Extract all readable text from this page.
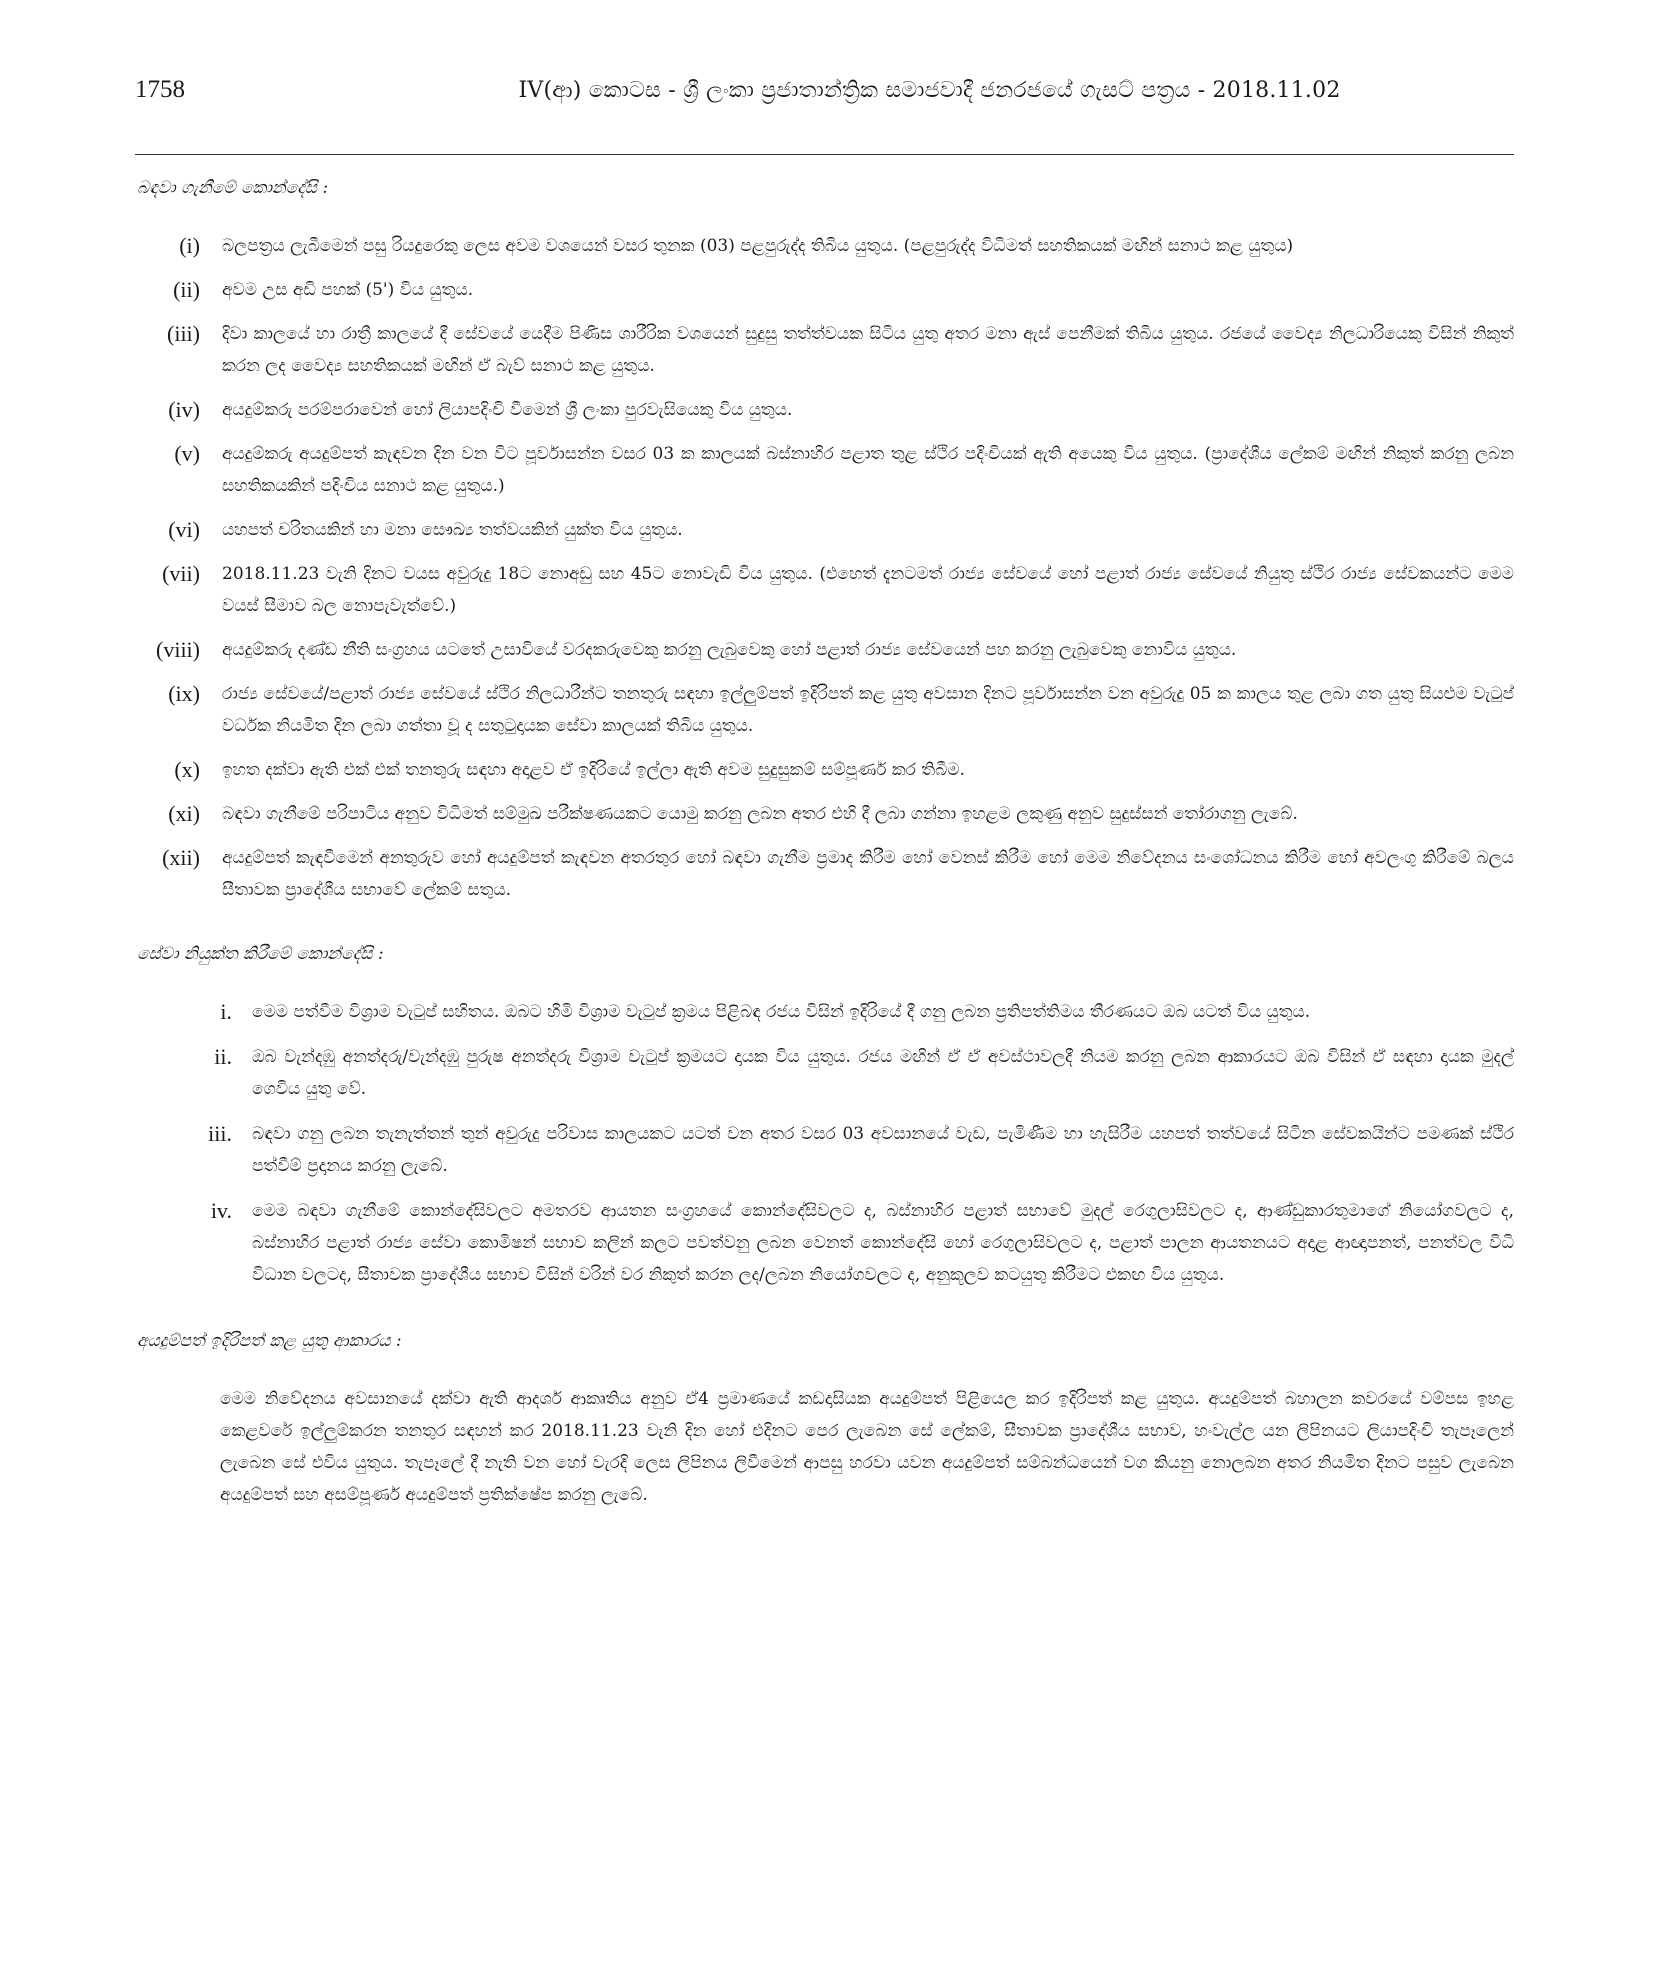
1758	IV(ආ) කොටස - ශ්‍රී ලංකා ප්‍රජාතාන්ත්‍රික සමාජවාදී ජනරජයේ ගැසට් පත්‍රය - 2018.11.02
බඳවා ගැනීමේ කොන්දේසි :
(i)	බලපත්‍රය ලැබීමෙන් පසු රියදුරෙකු ලෙස අවම වශයෙන් වසර තුනක (03) පළපුරුද්ද තිබිය යුතුය. (පළපුරුද්ද විධිමත් සහතිකයක් මඟින් සනාථ කළ යුතුය)
(ii)	අවම උස අඩි පහක් (5') විය යුතුය.
(iii)	දිවා කාලයේ හා රාත්‍රී කාලයේ දී සේවයේ යෙදීම පිණිස ශාරීරික වශයෙන් සුදුසු තත්ත්වයක සිටිය යුතු අතර මනා ඇස් පෙනීමක් තිබිය යුතුය. රජයේ වෛද්‍ය නිලධාරියෙකු විසින් නිකුත් කරන ලද වෛද්‍ය සහතිකයක් මඟින් ඒ බැව් සනාථ කළ යුතුය.
(iv)	අයදුම්කරු පරම්පරාවෙන් හෝ ලියාපදිංචි වීමෙන් ශ්‍රී ලංකා පුරවැසියෙකු විය යුතුය.
(v)	අයදුම්කරු අයදුම්පත් කැඳවන දින වන විට පූර්වාසන්න වසර 03 ක කාලයක් බස්නාහිර පළාත තුළ ස්ථිර පදිංචියක් ඇති අයෙකු විය යුතුය. (ප්‍රාදේශීය ලේකම් මඟින් නිකුත් කරනු ලබන සහතිකයකින් පදිංචිය සනාථ කළ යුතුය.)
(vi)	යහපත් චරිතයකින් හා මනා සෞඛ්‍ය තත්වයකින් යුක්ත විය යුතුය.
(vii)	2018.11.23 වැනි දිනට වයස අවුරුදු 18ට නොඅඩු සහ 45ට නොවැඩි විය යුතුය. (එහෙත් දැනටමත් රාජ්‍ය සේවයේ හෝ පළාත් රාජ්‍ය සේවයේ නියුතු ස්ථිර රාජ්‍ය සේවකයන්ට මෙම වයස් සීමාව බල නොපැවැත්වේ.)
(viii)	අයදුම්කරු දණ්ඩ නීති සංග්‍රහය යටතේ උසාවියේ වරදකරුවෙකු කරනු ලැබුවෙකු හෝ පළාත් රාජ්‍ය සේවයෙන් පහ කරනු ලැබුවෙකු නොවිය යුතුය.
(ix)	රාජ්‍ය සේවයේ/පළාත් රාජ්‍ය සේවයේ ස්ථිර නිලධාරීන්ට තනතුරු සඳහා ඉල්ලුම්පත් ඉදිරිපත් කළ යුතු අවසාන දිනට පූර්වාසන්න වන අවුරුදු 05 ක කාලය තුළ ලබා ගත යුතු සියළුම වැටුප් වර්ධක නියමිත දින ලබා ගත්තා වූ ද සතුටුදායක සේවා කාලයක් තිබිය යුතුය.
(x)	ඉහත දක්වා ඇති එක් එක් තනතුරු සඳහා අදාළව ඒ ඉදිරියේ ඉල්ලා ඇති අවම සුදුසුකම් සම්පූර්ණ කර තිබීම.
(xi)	බඳවා ගැනීමේ පරිපාටිය අනුව විධිමත් සම්මුඛ පරීක්ෂණයකට යොමු කරනු ලබන අතර එහි දී ලබා ගන්නා ඉහළම ලකුණු අනුව සුදුස්සන් තෝරාගනු ලැබේ.
(xii)	අයදුම්පත් කැඳවීමෙන් අනතුරුව හෝ අයදුම්පත් කැඳවන අතරතුර හෝ බඳවා ගැනීම ප්‍රමාද කිරීම හෝ වෙනස් කිරීම හෝ මෙම නිවේදනය සංශෝධනය කිරීම හෝ අවලංගු කිරීමේ බලය සීතාවක ප්‍රාදේශීය සභාවේ ලේකම් සතුය.
සේවා නියුක්ත කිරීමේ කොන්දේසි :
i.	මෙම පත්වීම විශ්‍රාම වැටුප් සහිතය. ඔබට හිමි විශ්‍රාම වැටුප් ක්‍රමය පිළිබඳ රජය විසින් ඉදිරියේ දී ගනු ලබන ප්‍රතිපත්තිමය තීරණයට ඔබ යටත් විය යුතුය.
ii.	ඔබ වැන්දඹු අනත්දරු/වැන්දඹු පුරුෂ අනත්දරු විශ්‍රාම වැටුප් ක්‍රමයට දායක විය යුතුය. රජය මඟින් ඒ ඒ අවස්ථාවලදී නියම කරනු ලබන ආකාරයට ඔබ විසින් ඒ සඳහා දායක මුදල් ගෙවිය යුතු වේ.
iii.	බඳවා ගනු ලබන තැනැත්තන් තුන් අවුරුදු පරිවාස කාලයකට යටත් වන අතර වසර 03 අවසානයේ වැඩ, පැමිණීම හා හැසිරීම යහපත් තත්වයේ සිටින සේවකයින්ට පමණක් ස්ථිර පත්වීම් ප්‍රදානය කරනු ලැබේ.
iv.	මෙම බඳවා ගැනීමේ කොන්දේසිවලට අමතරව ආයතන සංග්‍රහයේ කොන්දේසිවලට ද, බස්නාහිර පළාත් සභාවේ මුදල් රෙගුලාසිවලට ද, ආණ්ඩුකාරතුමාගේ නියෝගවලට ද, බස්නාහිර පළාත් රාජ්‍ය සේවා කොමිෂන් සභාව කලින් කලට පවත්වනු ලබන වෙනත් කොන්දේසි හෝ රෙගුලාසිවලට ද, පළාත් පාලන ආයතනයට අදාළ ආඥාපනත්, පනත්වල විධි විධාන වලටද, සීතාවක ප්‍රාදේශීය සභාව විසින් වරින් වර නිකුත් කරන ලද/ලබන නියෝගවලට ද, අනුකූලව කටයුතු කිරීමට එකඟ විය යුතුය.
අයදුම්පත් ඉදිරිපත් කළ යුතු ආකාරය :

මෙම නිවේදනය අවසානයේ දක්වා ඇති ආදර්ශ ආකෘතිය අනුව ඒ4 ප්‍රමාණයේ කඩදාසියක අයදුම්පත් පිළියෙල කර ඉදිරිපත් කළ යුතුය. අයදුම්පත් බහාලන කවරයේ වම්පස ඉහළ කෙළවරේ ඉල්ලුම්කරන තනතුර සඳහන් කර 2018.11.23 වැනි දින හෝ එදිනට පෙර ලැබෙන සේ ලේකම්, සීතාවක ප්‍රාදේශීය සභාව, හංවැල්ල යන ලිපිනයට ලියාපදිංචි තැපෑලෙන් ලැබෙන සේ එවිය යුතුය. තැපෑලේ දී නැති වන හෝ වැරදි ලෙස ලිපිනය ලිවීමෙන් ආපසු හරවා යවන අයදුම්පත් සම්බන්ධයෙන් වග කියනු නොලබන අතර නියමිත දිනට පසුව ලැබෙන අයදුම්පත් සහ අසම්පූර්ණ අයදුම්පත් ප්‍රතික්ෂේප කරනු ලැබේ.
